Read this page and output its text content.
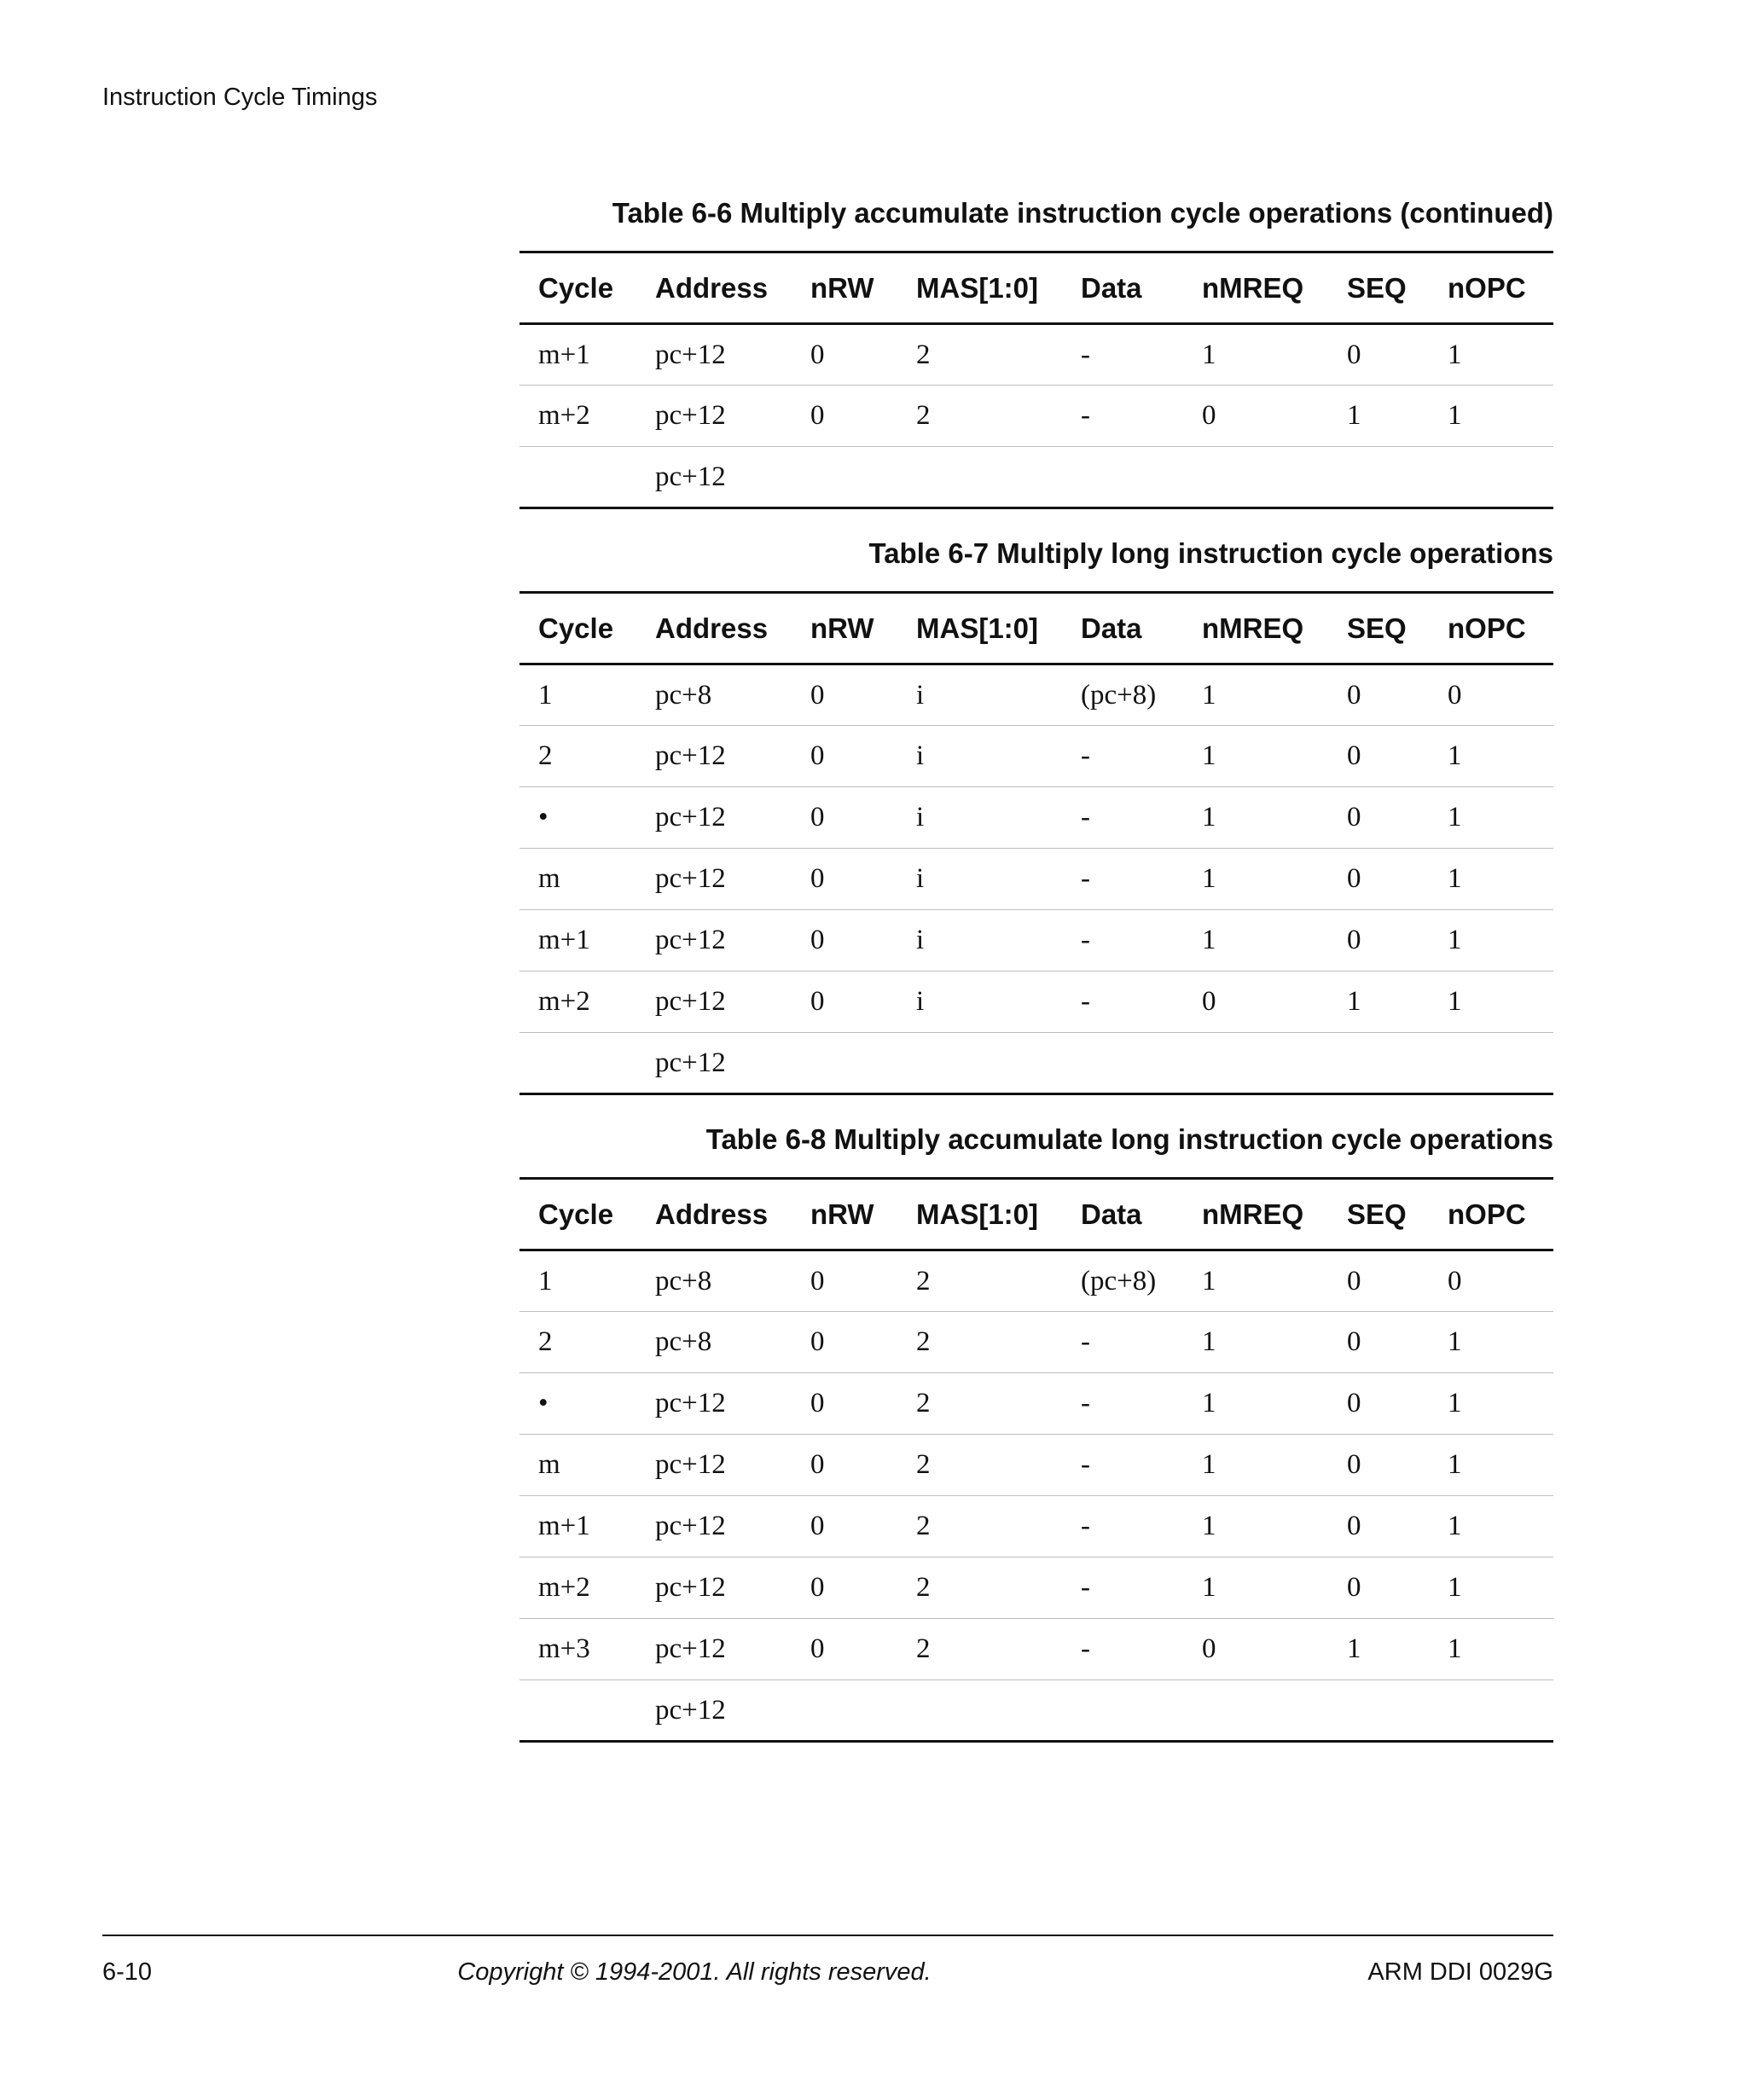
Instruction Cycle Timings
Table 6-6 Multiply accumulate instruction cycle operations (continued)
Cycle	Address	nRW	MAS[1:0]	Data	nMREQ	SEQ	nOPC
m+1	pc+12	0	2	-	1	0	1
m+2	pc+12	0	2	-	0	1	1
	pc+12						
Table 6-7 Multiply long instruction cycle operations
Cycle	Address	nRW	MAS[1:0]	Data	nMREQ	SEQ	nOPC
1	pc+8	0	i	(pc+8)	1	0	0
2	pc+12	0	i	-	1	0	1
•	pc+12	0	i	-	1	0	1
m	pc+12	0	i	-	1	0	1
m+1	pc+12	0	i	-	1	0	1
m+2	pc+12	0	i	-	0	1	1
	pc+12						
Table 6-8 Multiply accumulate long instruction cycle operations
Cycle	Address	nRW	MAS[1:0]	Data	nMREQ	SEQ	nOPC
1	pc+8	0	2	(pc+8)	1	0	0
2	pc+8	0	2	-	1	0	1
•	pc+12	0	2	-	1	0	1
m	pc+12	0	2	-	1	0	1
m+1	pc+12	0	2	-	1	0	1
m+2	pc+12	0	2	-	1	0	1
m+3	pc+12	0	2	-	0	1	1
	pc+12						
6-10	Copyright © 1994-2001. All rights reserved.	ARM DDI 0029G
